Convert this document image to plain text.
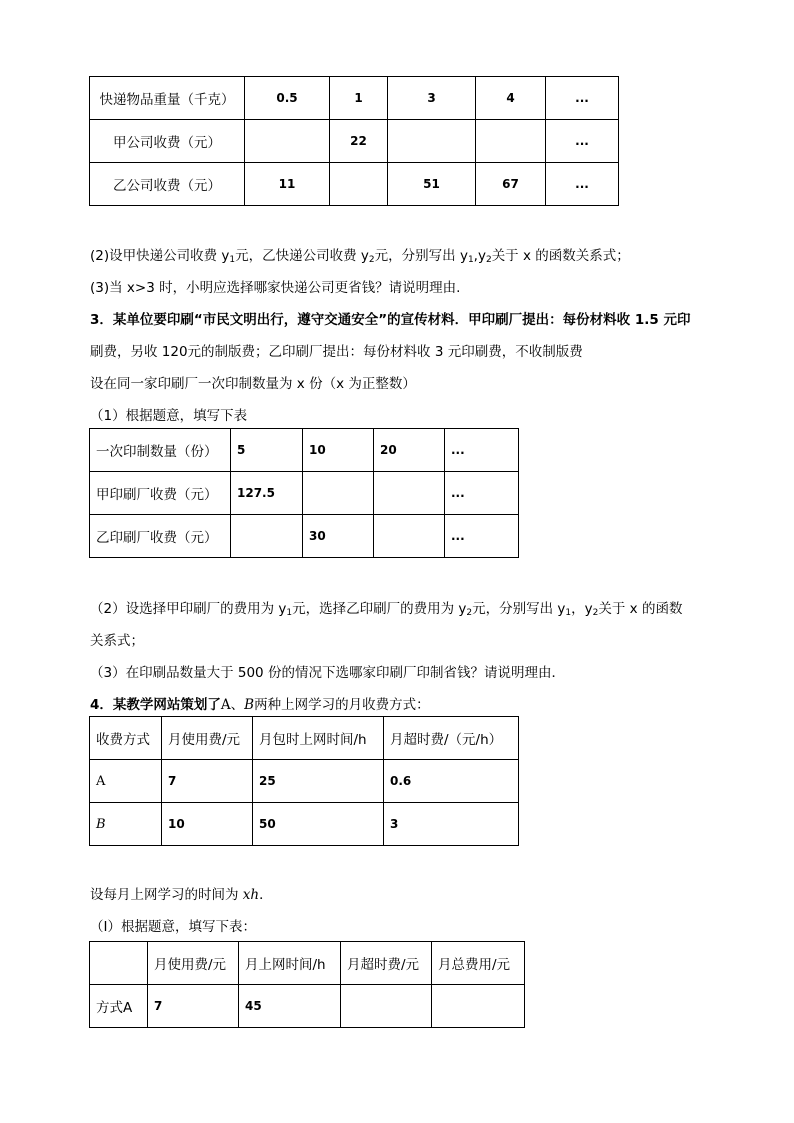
快递物品重量（千克）	0.5	1	3	4	...
甲公司收费（元）		22			...
乙公司收费（元）	11		51	67	...
(2)设甲快递公司收费 $y_1$元，乙快递公司收费 $y_2$元，分别写出 $y_1,y_2$关于 x 的函数关系式；
(3)当 x>3 时，小明应选择哪家快递公司更省钱？请说明理由.
3．某单位要印刷“市民文明出行，遵守交通安全”的宣传材料．甲印刷厂提出：每份材料收 1.5 元印
刷费，另收 120元的制版费；乙印刷厂提出：每份材料收 3 元印刷费，不收制版费
设在同一家印刷厂一次印制数量为 x 份（x 为正整数）
（1）根据题意，填写下表
一次印制数量（份）	5	10	20	...
甲印刷厂收费（元）	127.5			...
乙印刷厂收费（元）		30		...
（2）设选择甲印刷厂的费用为 $y_1$元，选择乙印刷厂的费用为 $y_2$元，分别写出 $y_1$，$y_2$关于 x 的函数
关系式；
（3）在印刷品数量大于 500 份的情况下选哪家印刷厂印制省钱？请说明理由．
4．某教学网站策划了A、B两种上网学习的月收费方式：
收费方式	月使用费/元	月包时上网时间/h	月超时费/（元/h）
A	7	25	0.6
B	10	50	3
设每月上网学习的时间为 xh．
（Ⅰ）根据题意，填写下表：
	月使用费/元	月上网时间/h	月超时费/元	月总费用/元
方式A	7	45		
